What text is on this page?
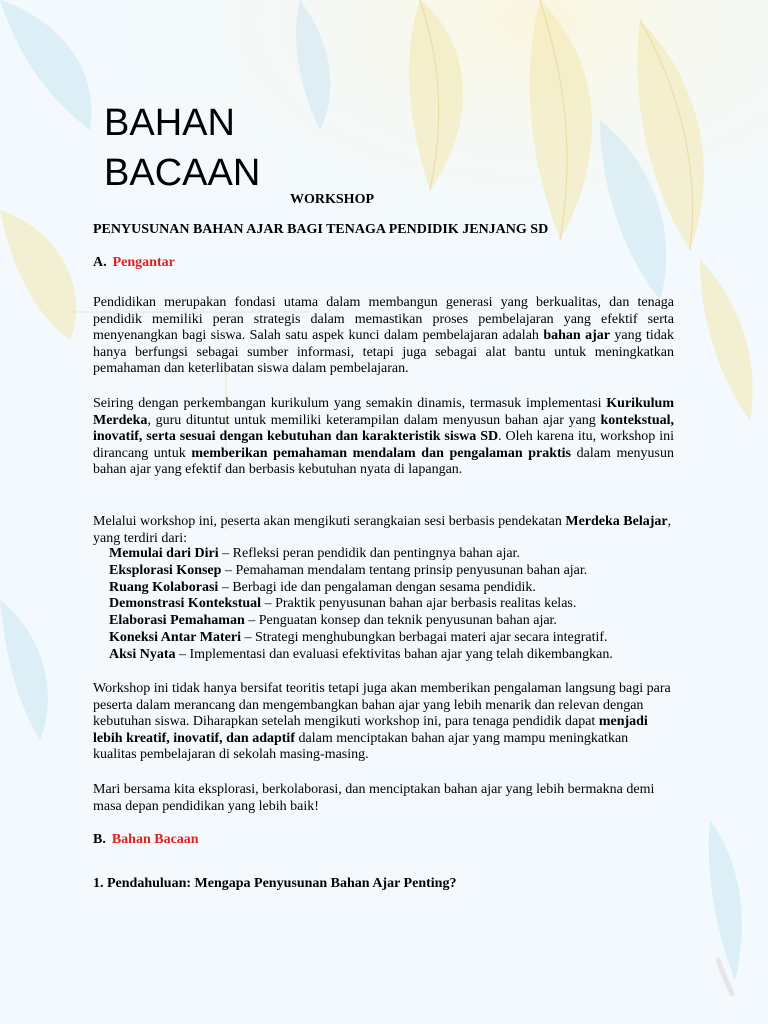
BAHAN
BACAAN
WORKSHOP
PENYUSUNAN BAHAN AJAR BAGI TENAGA PENDIDIK JENJANG SD
A. Pengantar
Pendidikan merupakan fondasi utama dalam membangun generasi yang berkualitas, dan tenaga pendidik memiliki peran strategis dalam memastikan proses pembelajaran yang efektif serta menyenangkan bagi siswa. Salah satu aspek kunci dalam pembelajaran adalah bahan ajar yang tidak hanya berfungsi sebagai sumber informasi, tetapi juga sebagai alat bantu untuk meningkatkan pemahaman dan keterlibatan siswa dalam pembelajaran.
Seiring dengan perkembangan kurikulum yang semakin dinamis, termasuk implementasi Kurikulum Merdeka, guru dituntut untuk memiliki keterampilan dalam menyusun bahan ajar yang kontekstual, inovatif, serta sesuai dengan kebutuhan dan karakteristik siswa SD. Oleh karena itu, workshop ini dirancang untuk memberikan pemahaman mendalam dan pengalaman praktis dalam menyusun bahan ajar yang efektif dan berbasis kebutuhan nyata di lapangan.
Melalui workshop ini, peserta akan mengikuti serangkaian sesi berbasis pendekatan Merdeka Belajar, yang terdiri dari:
Memulai dari Diri – Refleksi peran pendidik dan pentingnya bahan ajar.
Eksplorasi Konsep – Pemahaman mendalam tentang prinsip penyusunan bahan ajar.
Ruang Kolaborasi – Berbagi ide dan pengalaman dengan sesama pendidik.
Demonstrasi Kontekstual – Praktik penyusunan bahan ajar berbasis realitas kelas.
Elaborasi Pemahaman – Penguatan konsep dan teknik penyusunan bahan ajar.
Koneksi Antar Materi – Strategi menghubungkan berbagai materi ajar secara integratif.
Aksi Nyata – Implementasi dan evaluasi efektivitas bahan ajar yang telah dikembangkan.
Workshop ini tidak hanya bersifat teoritis tetapi juga akan memberikan pengalaman langsung bagi para peserta dalam merancang dan mengembangkan bahan ajar yang lebih menarik dan relevan dengan kebutuhan siswa. Diharapkan setelah mengikuti workshop ini, para tenaga pendidik dapat menjadi lebih kreatif, inovatif, dan adaptif dalam menciptakan bahan ajar yang mampu meningkatkan kualitas pembelajaran di sekolah masing-masing.
Mari bersama kita eksplorasi, berkolaborasi, dan menciptakan bahan ajar yang lebih bermakna demi masa depan pendidikan yang lebih baik!
B. Bahan Bacaan
1. Pendahuluan: Mengapa Penyusunan Bahan Ajar Penting?
